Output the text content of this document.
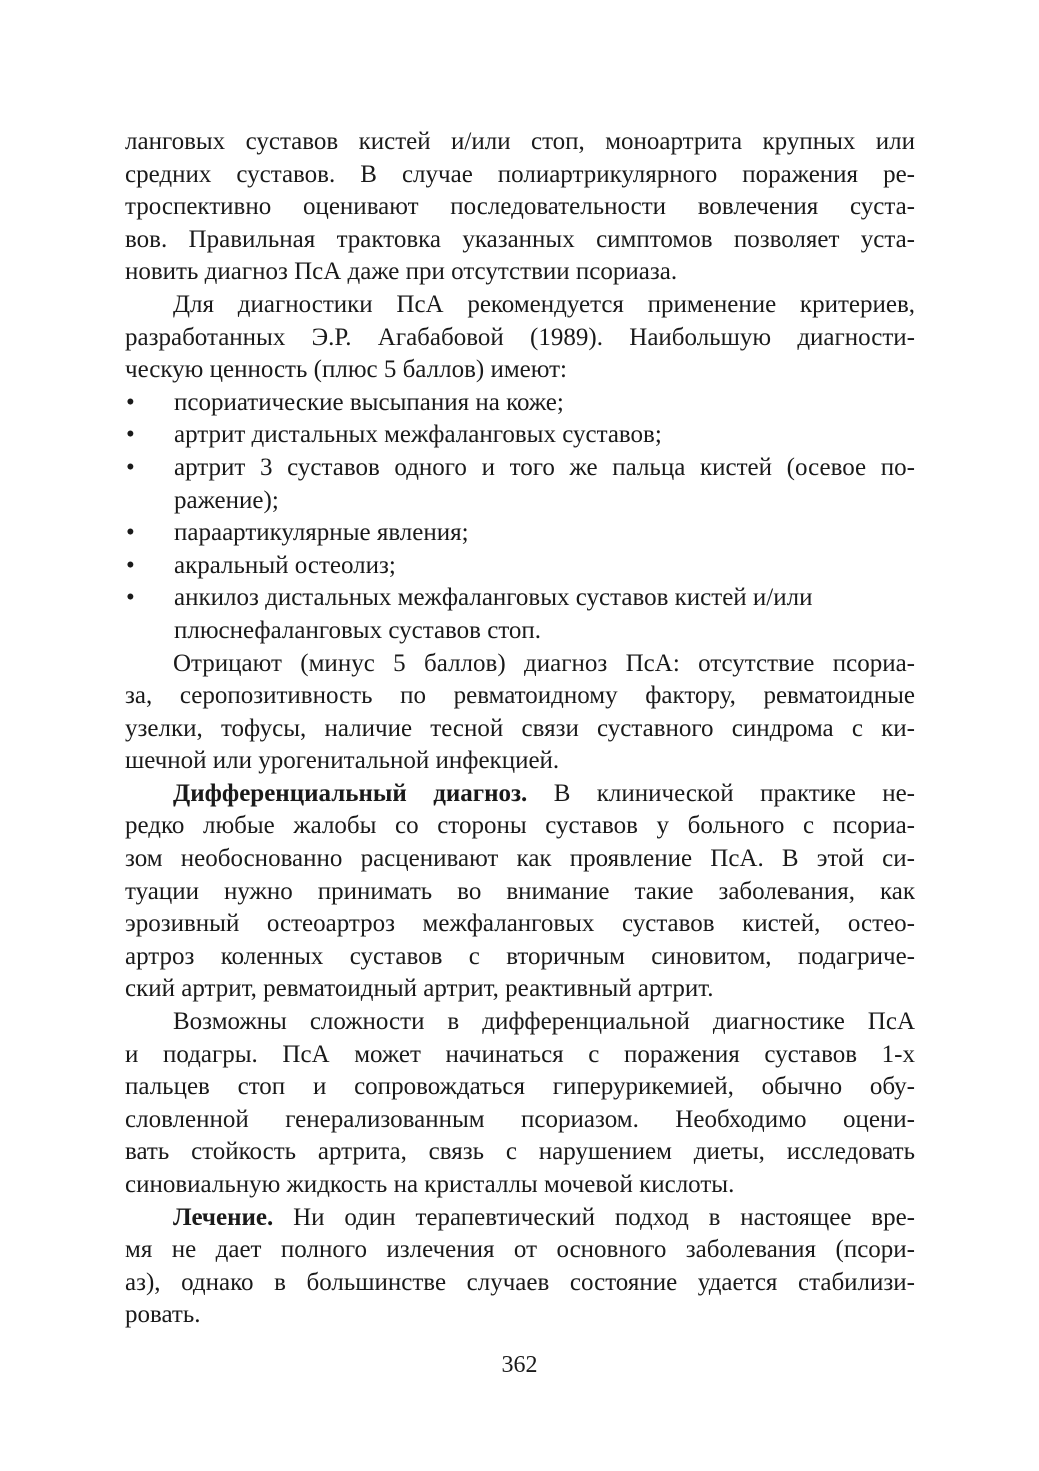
ланговых суставов кистей и/или стоп, моноартрита крупных или
средних суставов. В случае полиартрикулярного поражения ре-
троспективно оценивают последовательности вовлечения суста-
вов. Правильная трактовка указанных симптомов позволяет уста-
новить диагноз ПсА даже при отсутствии псориаза.

Для диагностики ПсА рекомендуется применение критериев,
разработанных Э.Р. Агабабовой (1989). Наибольшую диагности-
ческую ценность (плюс 5 баллов) имеют:

• псориатические высыпания на коже;
• артрит дистальных межфаланговых суставов;
• артрит 3 суставов одного и того же пальца кистей (осевое по-
ражение);
• параартикулярные явления;
• акральный остеолиз;
• анкилоз дистальных межфаланговых суставов кистей и/или
плюснефаланговых суставов стоп.

Отрицают (минус 5 баллов) диагноз ПсА: отсутствие псориа-
за, серопозитивность по ревматоидному фактору, ревматоидные
узелки, тофусы, наличие тесной связи суставного синдрома с ки-
шечной или урогенитальной инфекцией.

Дифференциальный диагноз. В клинической практике не-
редко любые жалобы со стороны суставов у больного с псориа-
зом необоснованно расценивают как проявление ПсА. В этой си-
туации нужно принимать во внимание такие заболевания, как
эрозивный остеоартроз межфаланговых суставов кистей, остео-
артроз коленных суставов с вторичным синовитом, подагриче-
ский артрит, ревматоидный артрит, реактивный артрит.

Возможны сложности в дифференциальной диагностике ПсА
и подагры. ПсА может начинаться с поражения суставов 1-х
пальцев стоп и сопровождаться гиперурикемией, обычно обу-
словленной генерализованным псориазом. Необходимо оцени-
вать стойкость артрита, связь с нарушением диеты, исследовать
синовиальную жидкость на кристаллы мочевой кислоты.

Лечение. Ни один терапевтический подход в настоящее вре-
мя не дает полного излечения от основного заболевания (псори-
аз), однако в большинстве случаев состояние удается стабилизи-
ровать.

362
